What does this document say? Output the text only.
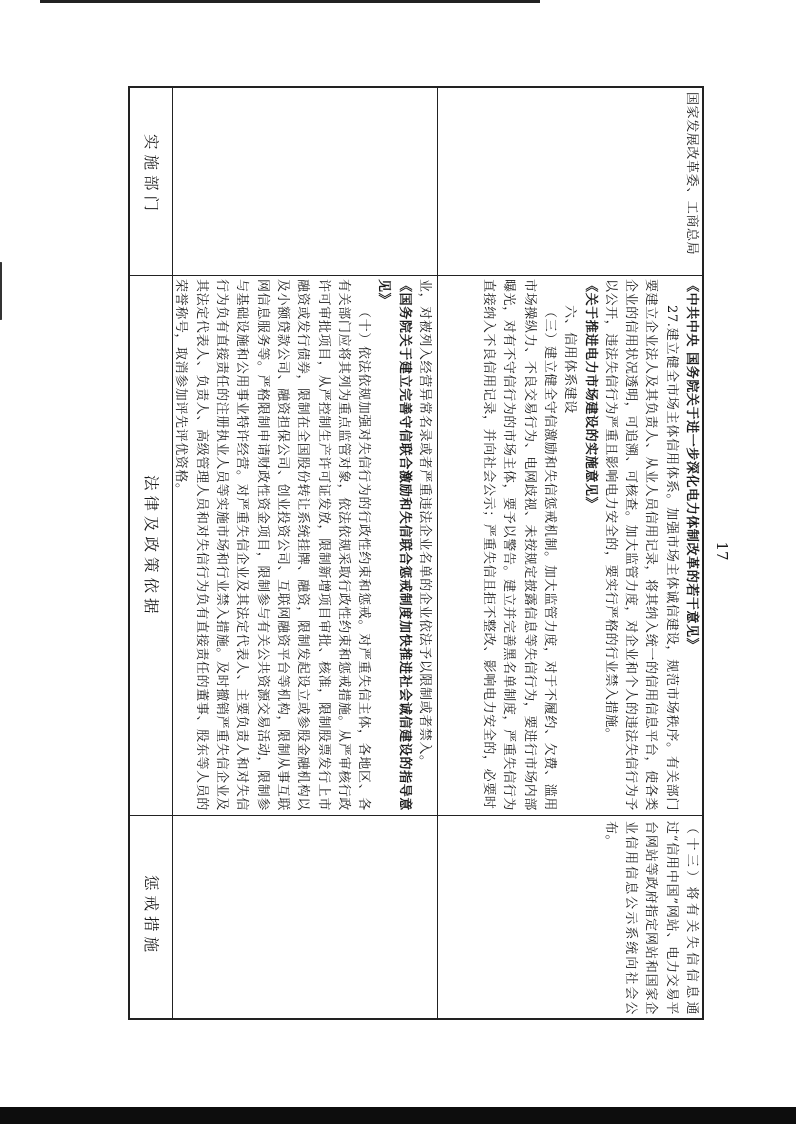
实施部门
法律及政策依据
惩戒措施

业，对被列入经营异常名录或者严重违法企业名单的企业依法予以限制或者禁入。

《国务院关于建立完善守信联合激励和失信联合惩戒制度加快推进社会诚信建设的指导意见》

（十）依法依规加强对失信行为的行政性约束和惩戒。对严重失信主体，各地区、各有关部门应将其列为重点监管对象，依法依规采取行政性约束和惩戒措施。从严审核行政许可审批项目，从严控制生产许可证发放，限制新增项目审批、核准，限制股票发行上市融资或发行债券，限制在全国股份转让系统挂牌、融资，限制发起设立或参股金融机构以及小额贷款公司、融资担保公司、创业投资公司、互联网融资平台等机构，限制从事互联网信息服务等。严格限制申请财政性资金项目，限制参与有关公共资源交易活动，限制参与基础设施和公用事业特许经营。对严重失信企业及其法定代表人、主要负责人和对失信行为负有直接责任的注册执业人员等实施市场和行业禁入措施。及时撤销严重失信企业及其法定代表人、负责人、高级管理人员和对失信行为负有直接责任的董事、股东等人员的荣誉称号，取消参加评先评优资格。

国家发展改革委、工商总局

《中共中央 国务院关于进一步深化电力体制改革的若干意见》

27.建立健全市场主体信用体系。加强市场主体诚信建设，规范市场秩序。有关部门要建立企业法人及其负责人、从业人员信用记录，将其纳入统一的信用信息平台，使各类企业的信用状况透明，可追溯、可核查。加大监管力度，对企业和个人的违法失信行为予以公开，违法失信行为严重且影响电力安全的，要实行严格的行业禁入措施。

《关于推进电力市场建设的实施意见》

六、信用体系建设

（三）建立健全守信激励和失信惩戒机制。加大监管力度，对于不履约、欠费、滥用市场操纵力、不良交易行为、电网歧视、未按规定披露信息等失信行为，要进行市场内部曝光，对有不守信行为的市场主体，要予以警告。建立并完善黑名单制度，严重失信行为直接纳入不良信用记录，并向社会公示；严重失信且拒不整改、影响电力安全的，必要时

（十三）将有关失信信息通过“信用中国”网站、电力交易平台网站等政府指定网站和国家企业信用信息公示系统向社会公布。
17
